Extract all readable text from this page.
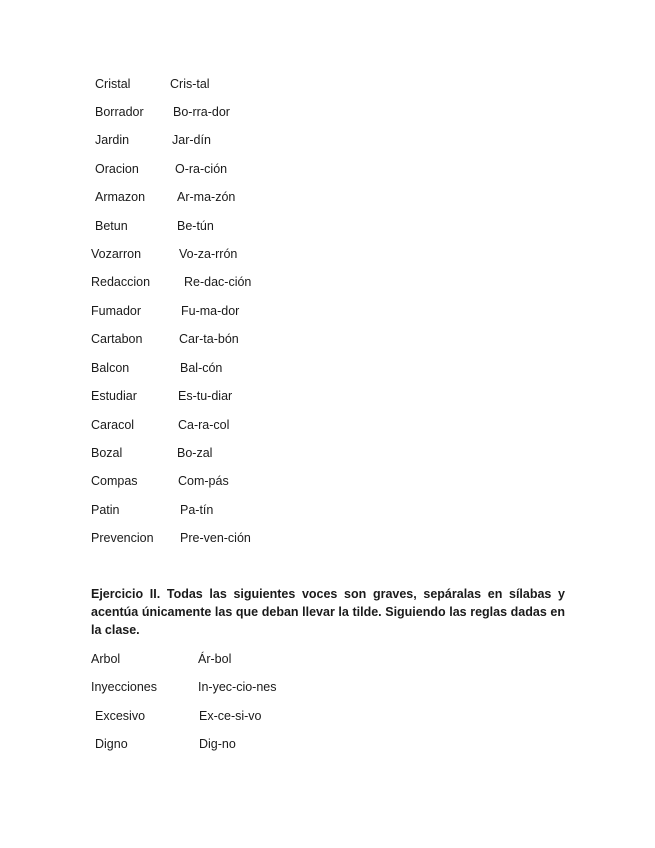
Cristal	Cris-tal
Borrador Bo-rra-dor
Jardin	Jar-dín
Oracion	O-ra-ción
Armazon	Ar-ma-zón
Betun	Be-tún
Vozarron	Vo-za-rrón
Redaccion	Re-dac-ción
Fumador	Fu-ma-dor
Cartabon	Car-ta-bón
Balcon	Bal-cón
Estudiar	Es-tu-diar
Caracol	Ca-ra-col
Bozal	Bo-zal
Compas	Com-pás
Patin	Pa-tín
Prevencion Pre-ven-ción
Ejercicio II. Todas las siguientes voces son graves, sepáralas en sílabas y acentúa únicamente las que deban llevar la tilde. Siguiendo las reglas dadas en la clase.
Arbol	Ár-bol
Inyecciones	In-yec-cio-nes
Excesivo	Ex-ce-si-vo
Digno	Dig-no
